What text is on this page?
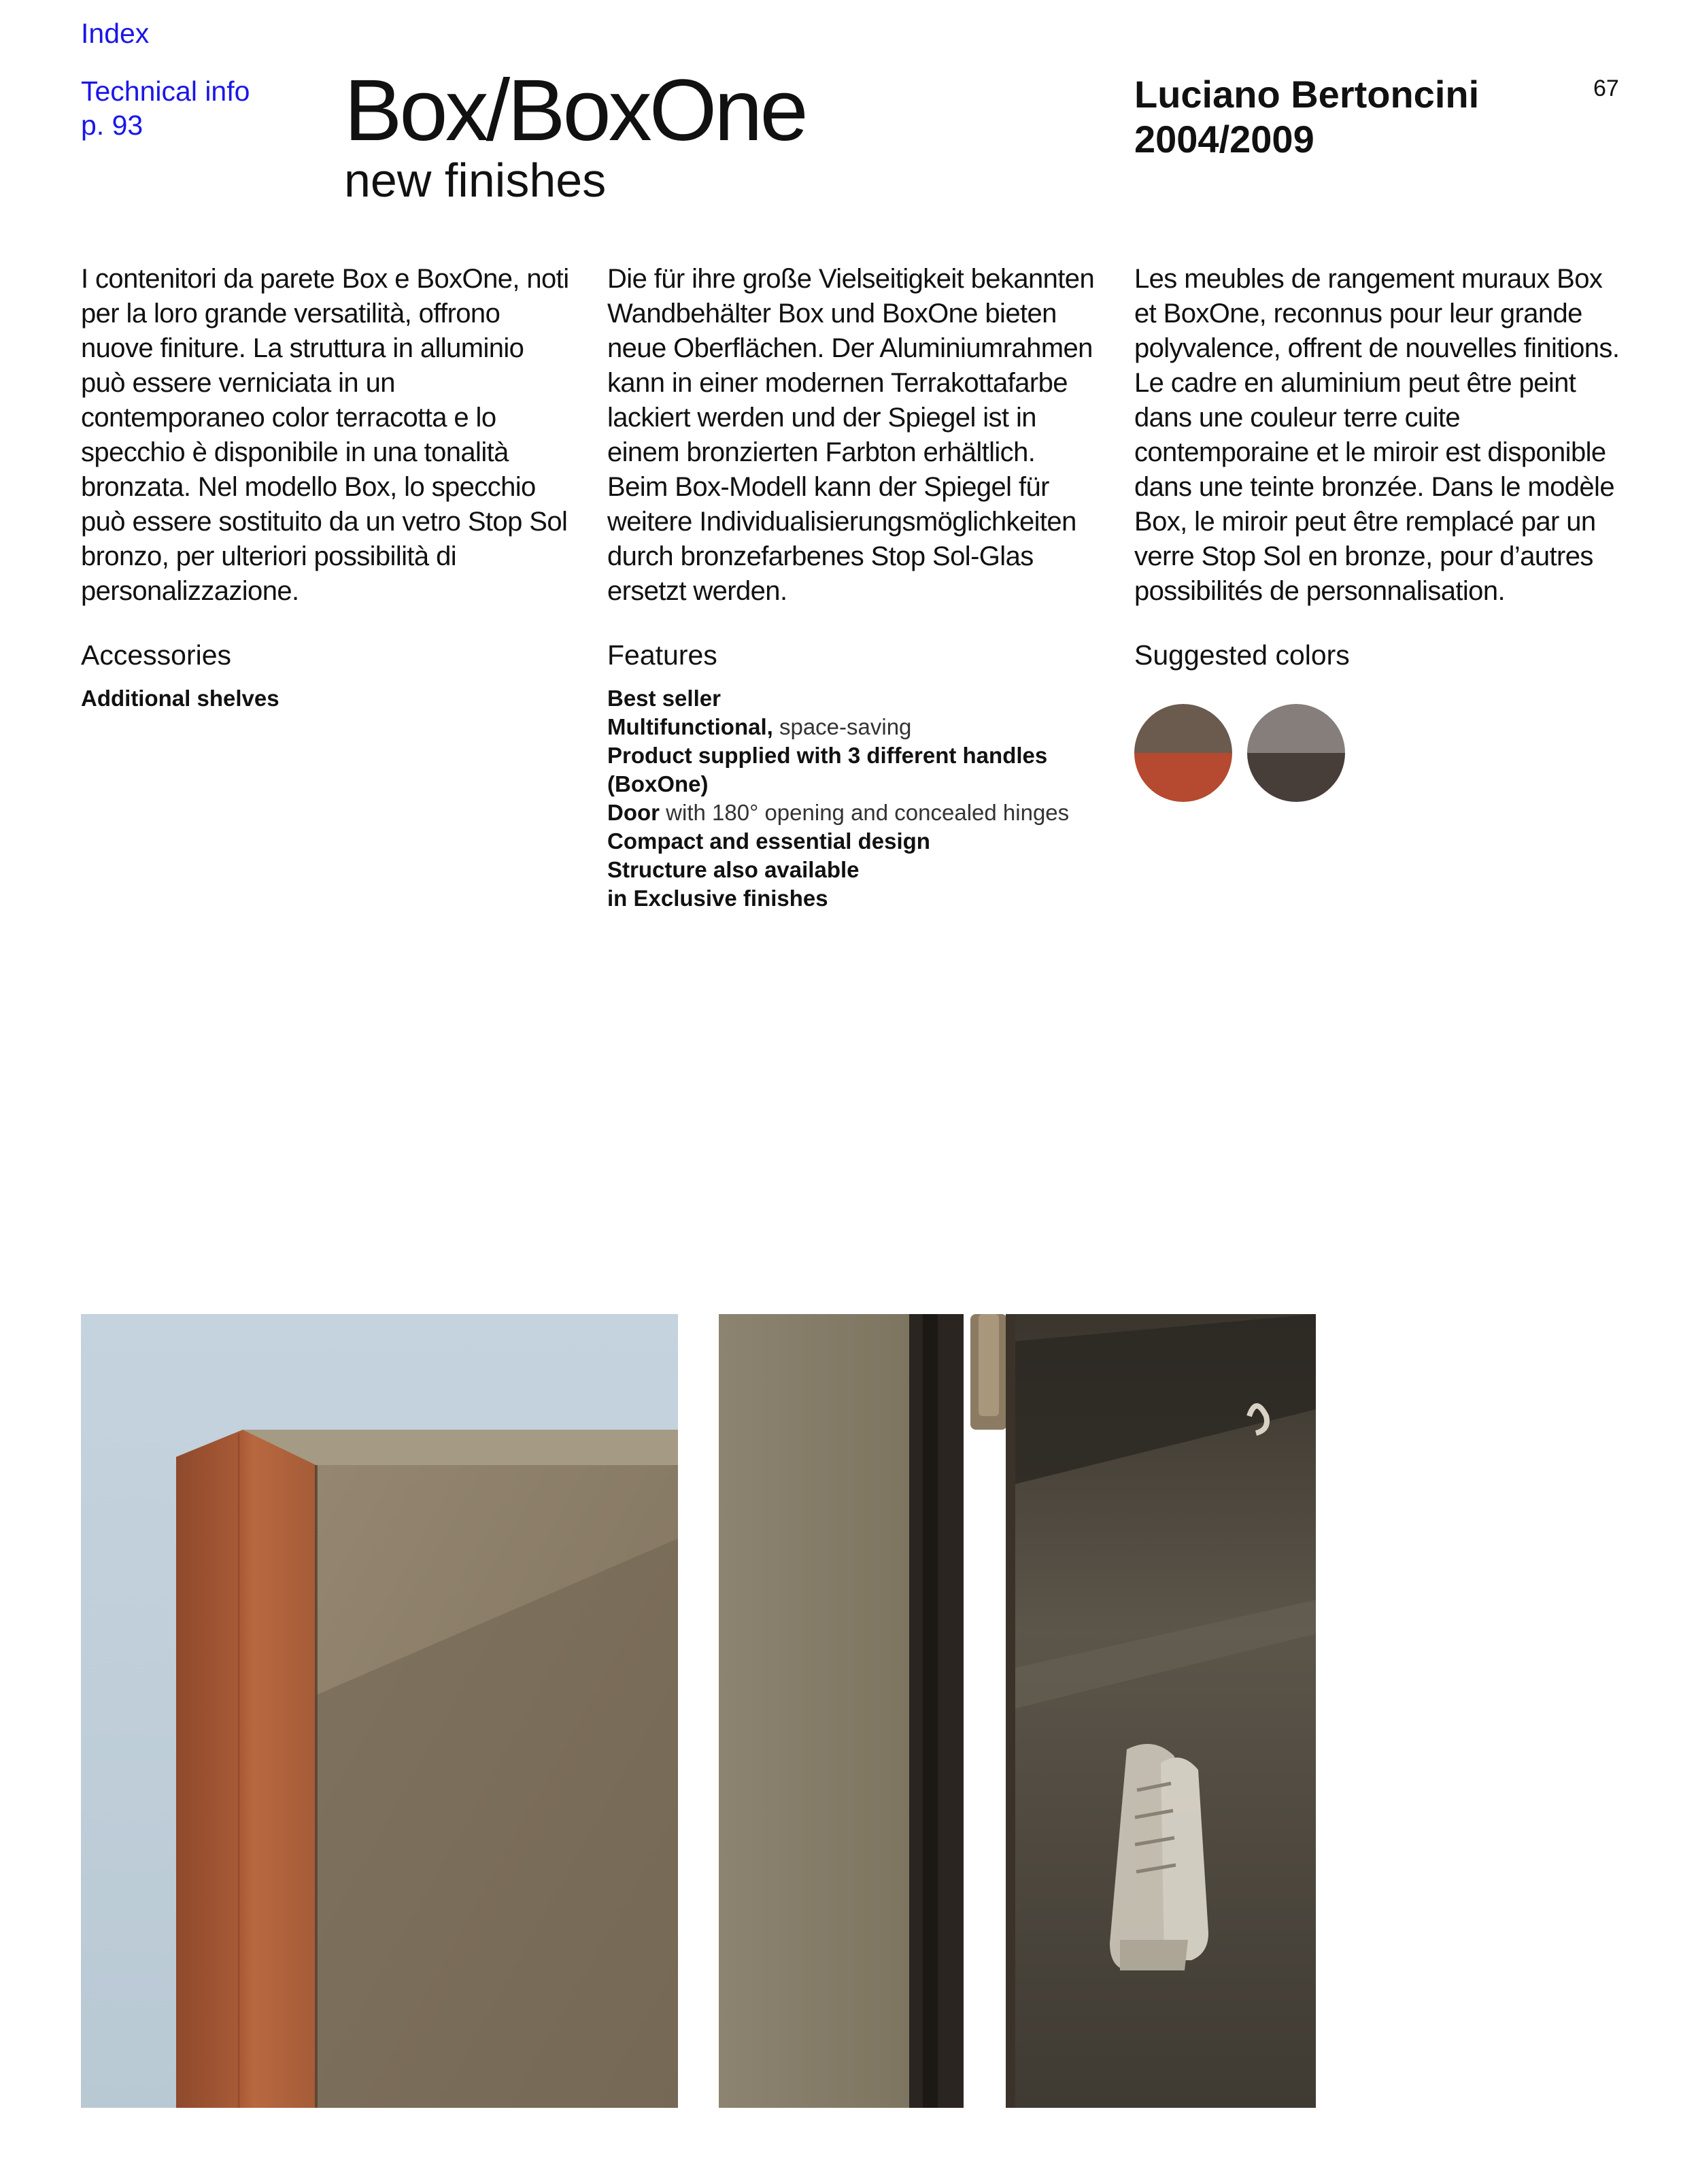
Index
Technical info
p. 93	Box/BoxOne
new finishes
Luciano Bertoncini
2004/2009
67
I contenitori da parete Box e BoxOne, noti per la loro grande versatilità, offrono nuove finiture. La struttura in alluminio può essere verniciata in un contemporaneo color terracotta e lo specchio è disponibile in una tonalità bronzata. Nel modello Box, lo specchio può essere sostituito da un vetro Stop Sol bronzo, per ulteriori possibilità di personalizzazione.
Die für ihre große Vielseitigkeit bekannten Wandbehälter Box und BoxOne bieten neue Oberflächen. Der Aluminiumrahmen kann in einer modernen Terrakottafarbe lackiert werden und der Spiegel ist in einem bronzierten Farbton erhältlich. Beim Box-Modell kann der Spiegel für weitere Individualisierungsmöglichkeiten durch bronzefarbenes Stop Sol-Glas ersetzt werden.
Les meubles de rangement muraux Box et BoxOne, reconnus pour leur grande polyvalence, offrent de nouvelles finitions. Le cadre en aluminium peut être peint dans une couleur terre cuite contemporaine et le miroir est disponible dans une teinte bronzée. Dans le modèle Box, le miroir peut être remplacé par un verre Stop Sol en bronze, pour d’autres possibilités de personnalisation.
Accessories	Features	Suggested colors
Additional shelves	Best seller
Multifunctional, space-saving
Product supplied with 3 different handles (BoxOne)
Door with 180° opening and concealed hinges
Compact and essential design
Structure also available
in Exclusive finishes
